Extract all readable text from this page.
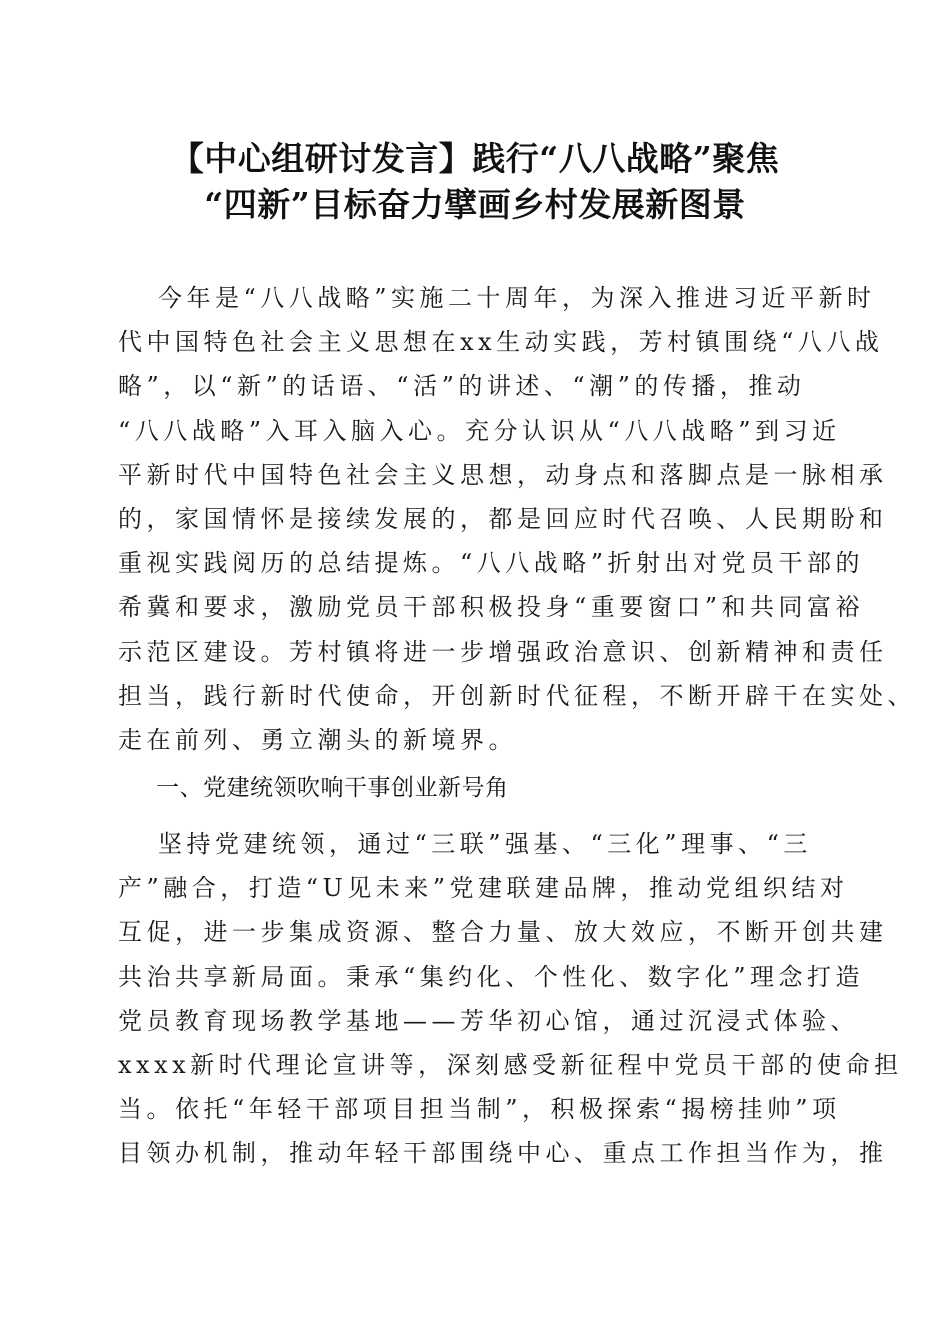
【中心组研讨发言】践行“八八战略”聚焦
“四新”目标奋力擘画乡村发展新图景
今年是“八八战略”实施二十周年，为深入推进习近平新时
代中国特色社会主义思想在xx生动实践，芳村镇围绕“八八战
略”，以“新”的话语、“活”的讲述、“潮”的传播，推动
“八八战略”入耳入脑入心。充分认识从“八八战略”到习近
平新时代中国特色社会主义思想，动身点和落脚点是一脉相承
的，家国情怀是接续发展的，都是回应时代召唤、人民期盼和
重视实践阅历的总结提炼。“八八战略”折射出对党员干部的
希冀和要求，激励党员干部积极投身“重要窗口”和共同富裕
示范区建设。芳村镇将进一步增强政治意识、创新精神和责任
担当，践行新时代使命，开创新时代征程，不断开辟干在实处、
走在前列、勇立潮头的新境界。
一、党建统领吹响干事创业新号角
坚持党建统领，通过“三联”强基、“三化”理事、“三
产”融合，打造“U见未来”党建联建品牌，推动党组织结对
互促，进一步集成资源、整合力量、放大效应，不断开创共建
共治共享新局面。秉承“集约化、个性化、数字化”理念打造
党员教育现场教学基地——芳华初心馆，通过沉浸式体验、
xxxx新时代理论宣讲等，深刻感受新征程中党员干部的使命担
当。依托“年轻干部项目担当制”，积极探索“揭榜挂帅”项
目领办机制，推动年轻干部围绕中心、重点工作担当作为，推
